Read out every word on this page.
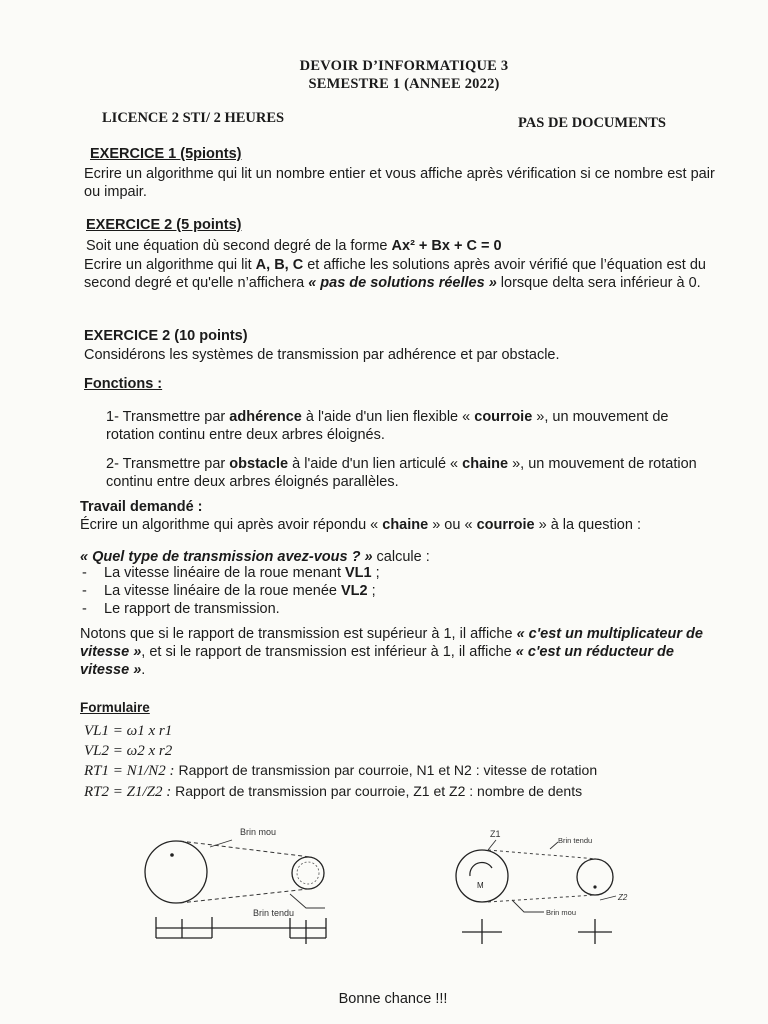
DEVOIR D’INFORMATIQUE 3
SEMESTRE 1 (ANNEE 2022)
LICENCE 2 STI/ 2 HEURES	PAS DE DOCUMENTS
EXERCICE 1 (5pionts)
Ecrire un algorithme qui lit un nombre entier et vous affiche après vérification si ce nombre est pair ou impair.
EXERCICE 2 (5 points)
Soit une équation dù second degré de la forme Ax² + Bx + C = 0
Ecrire un algorithme qui lit A, B, C et affiche les solutions après avoir vérifié que l’équation est du second degré et qu'elle n’affichera « pas de solutions réelles » lorsque delta sera inférieur à 0.
EXERCICE 2 (10 points)
Considérons les systèmes de transmission par adhérence et par obstacle.
Fonctions :
1- Transmettre par adhérence à l'aide d'un lien flexible « courroie », un mouvement de rotation continu entre deux arbres éloignés.
2- Transmettre par obstacle à l'aide d'un lien articulé « chaine », un mouvement de rotation continu entre deux arbres éloignés parallèles.
Travail demandé :
Écrire un algorithme qui après avoir répondu « chaine » ou « courroie » à la question :
« Quel type de transmission avez-vous ? » calcule :
- La vitesse linéaire de la roue menant VL1 ;
- La vitesse linéaire de la roue menée VL2 ;
- Le rapport de transmission.
Notons que si le rapport de transmission est supérieur à 1, il affiche « c'est un multiplicateur de vitesse », et si le rapport de transmission est inférieur à 1, il affiche « c'est un réducteur de vitesse ».
Formulaire
VL1 = ω1 x r1
VL2 = ω2 x r2
RT1 = N1/N2 : Rapport de transmission par courroie, N1 et N2 : vitesse de rotation
RT2 = Z1/Z2 : Rapport de transmission par courroie, Z1 et Z2 : nombre de dents
Brin mou
Brin tendu
M
Z1
Brin tendu
Brin mou
Z2
Bonne chance !!!
